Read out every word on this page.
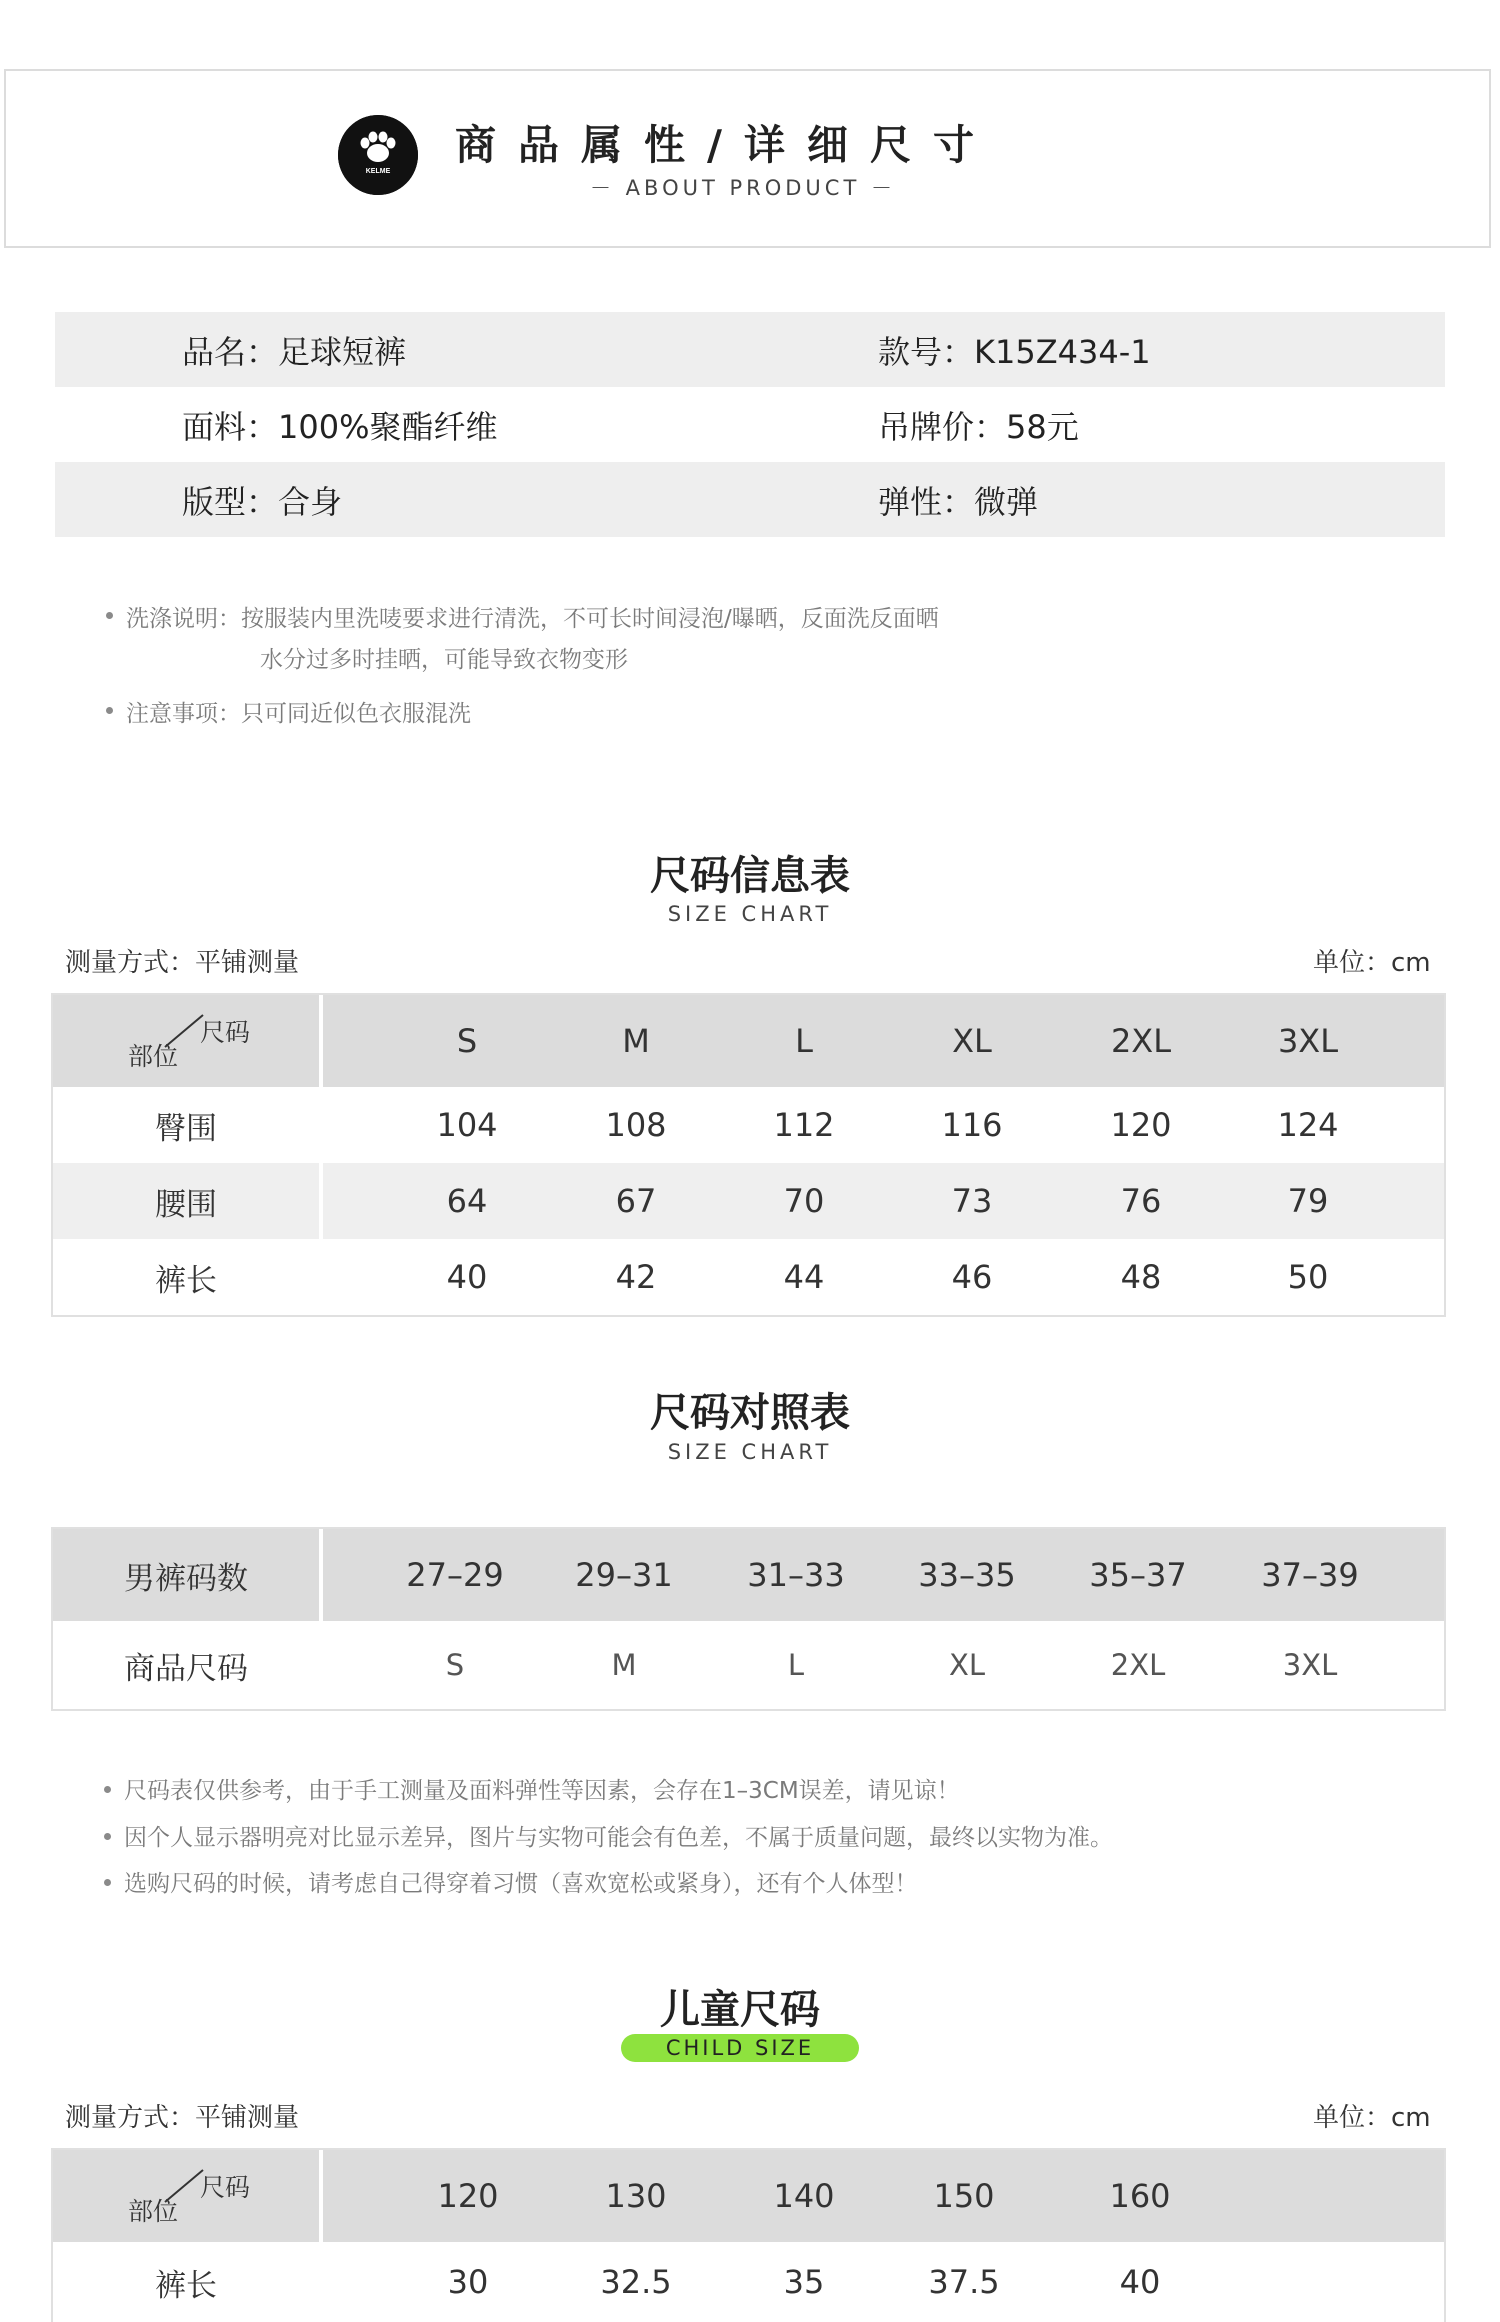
KELME
商品属性/详细尺寸
－ ABOUT PRODUCT －
品名：足球短裤	款号：K15Z434-1
面料：100%聚酯纤维	吊牌价：58元
版型：合身	弹性：微弹
洗涤说明：按服装内里洗唛要求进行清洗，不可长时间浸泡/曝晒，反面洗反面晒
水分过多时挂晒，可能导致衣物变形
注意事项：只可同近似色衣服混洗
尺码信息表
SIZE CHART
测量方式：平铺测量	单位：cm
尺码
部位	S	M	L	XL	2XL	3XL
臀围	104	108	112	116	120	124
腰围	64	67	70	73	76	79
裤长	40	42	44	46	48	50
尺码对照表
SIZE CHART
男裤码数	27–29	29–31	31–33	33–35	35–37	37–39
商品尺码	S	M	L	XL	2XL	3XL
尺码表仅供参考，由于手工测量及面料弹性等因素，会存在1–3CM误差，请见谅！
因个人显示器明亮对比显示差异，图片与实物可能会有色差，不属于质量问题，最终以实物为准。
选购尺码的时候，请考虑自己得穿着习惯（喜欢宽松或紧身），还有个人体型！
儿童尺码
CHILD SIZE
测量方式：平铺测量	单位：cm
尺码
部位	120	130	140	150	160
裤长	30	32.5	35	37.5	40
